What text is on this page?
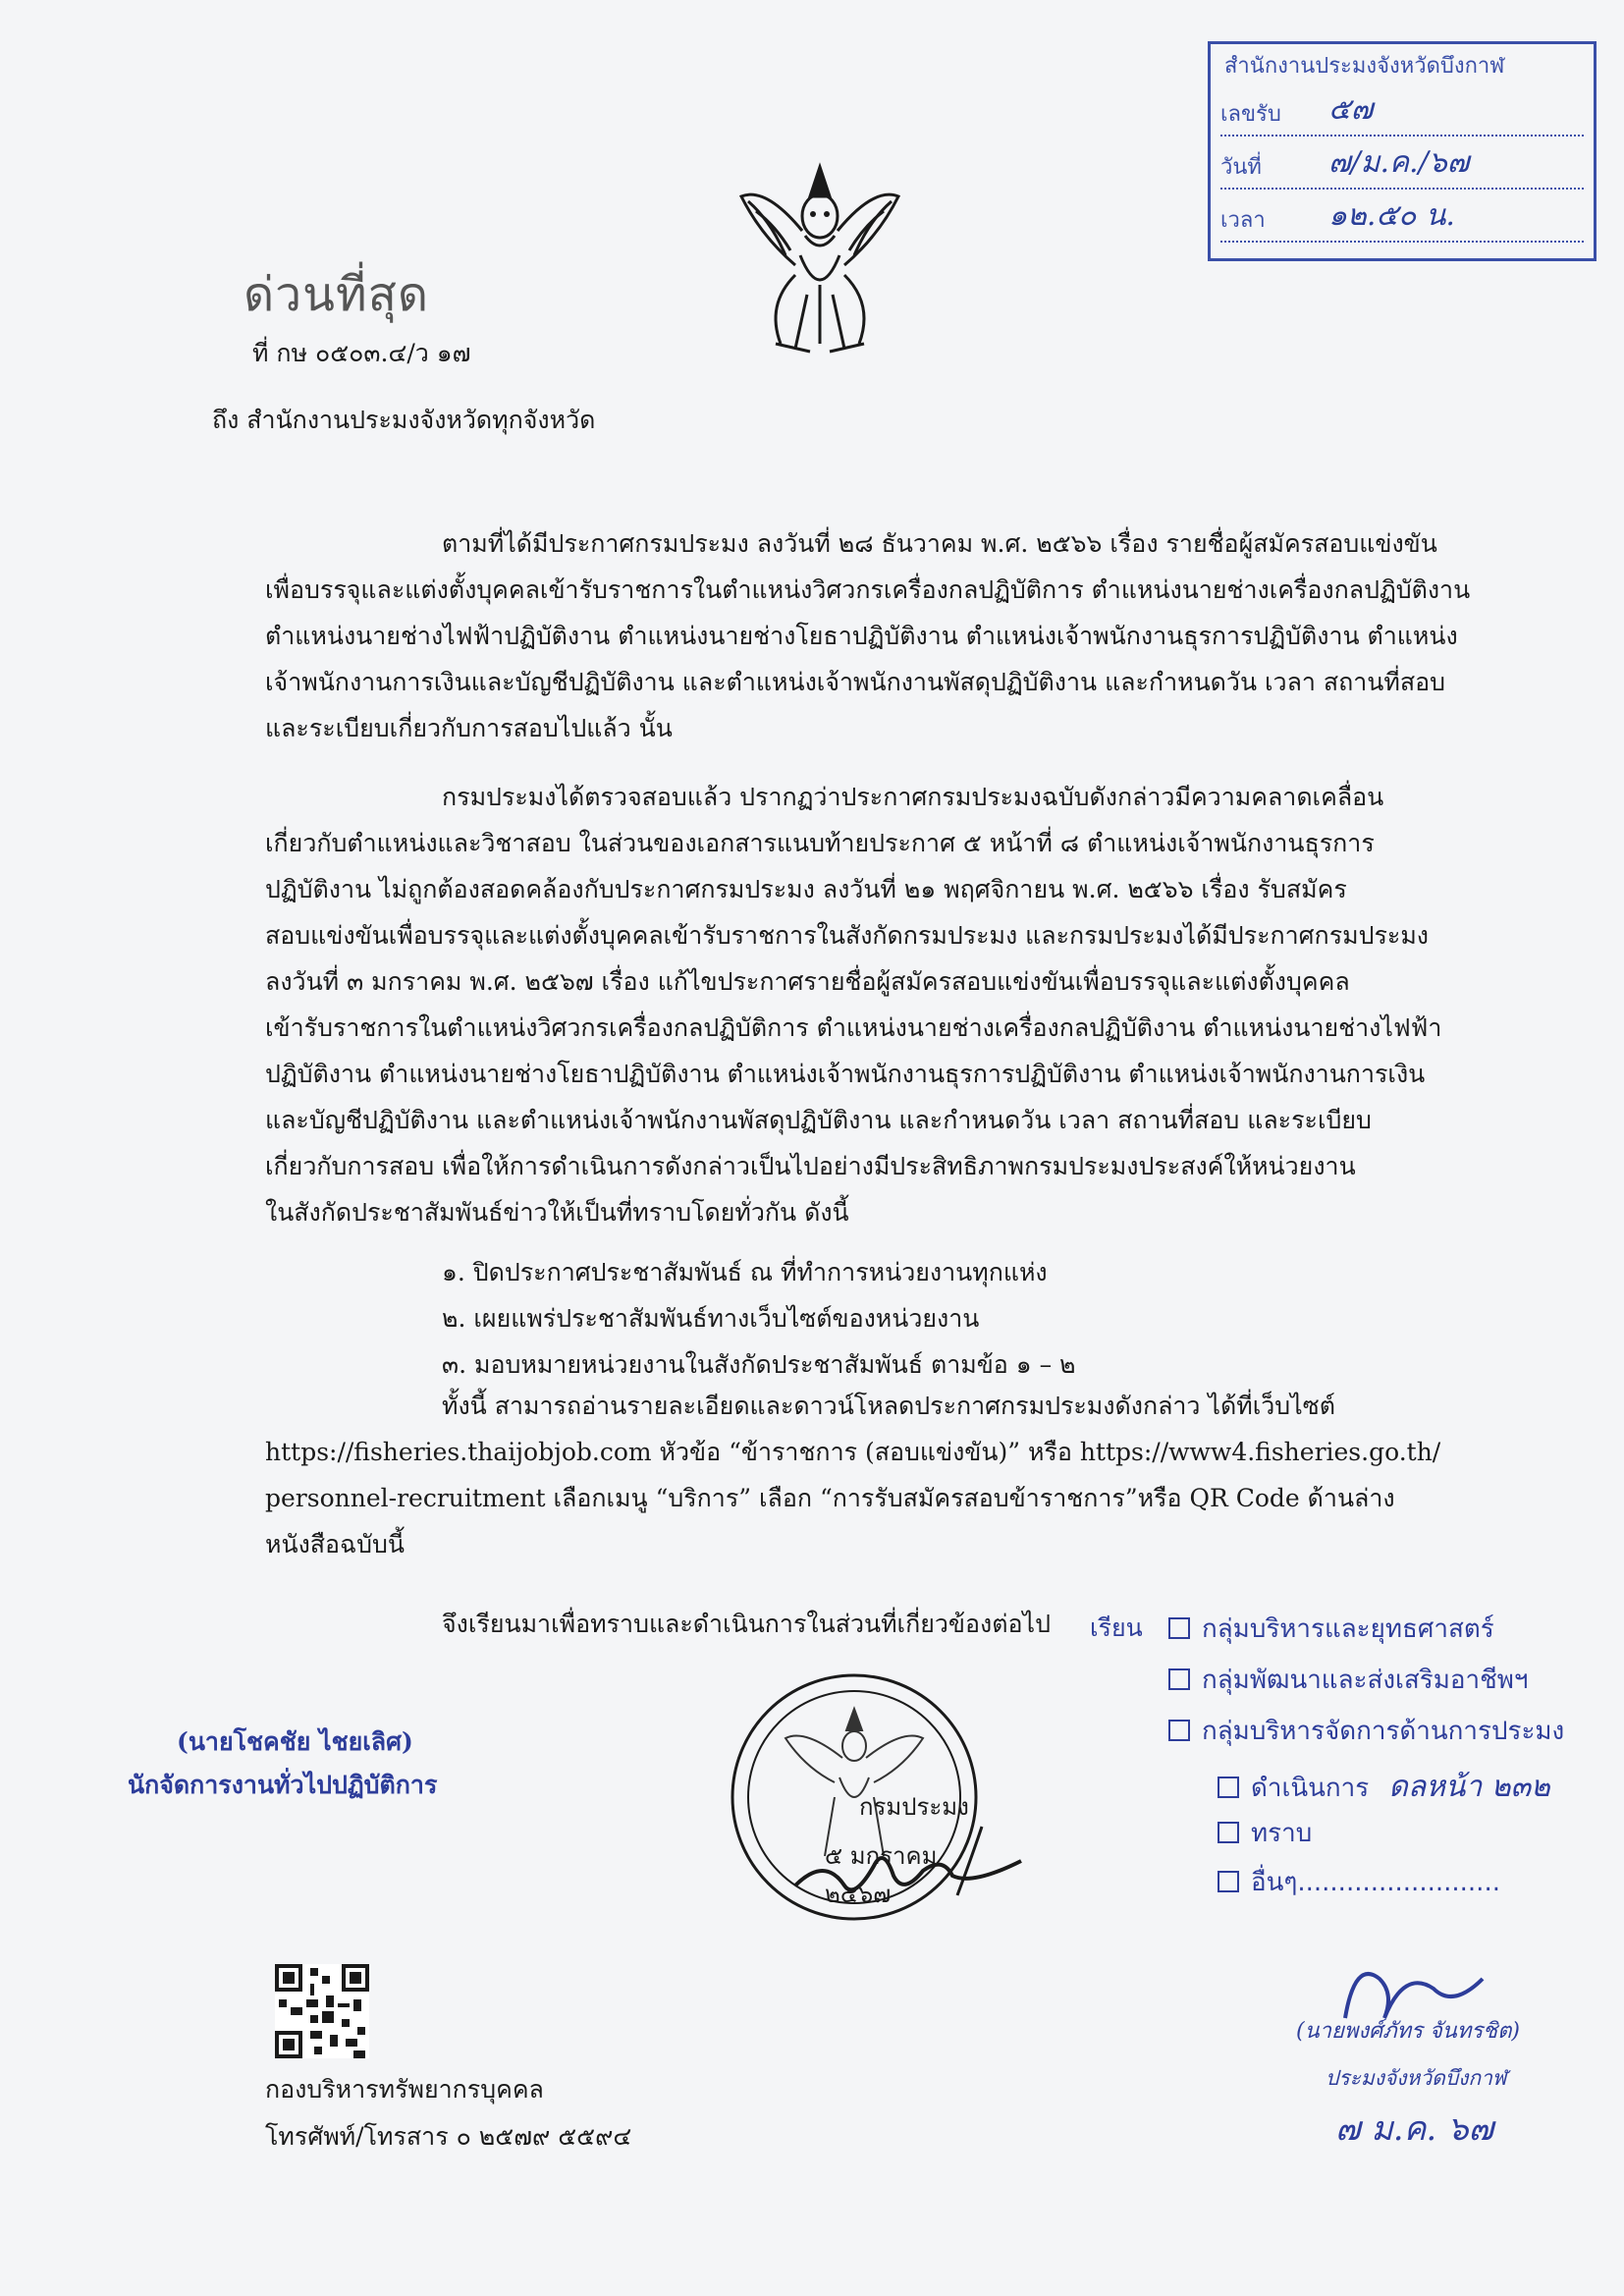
สำนักงานประมงจังหวัดบึงกาฬ
เลขรับ ๕๗
วันที่ ๗/ม.ค./๖๗
เวลา ๑๒.๕๐ น.
ด่วนที่สุด
ที่ กษ ๐๕๐๓.๔/ว ๑๗
ถึง สำนักงานประมงจังหวัดทุกจังหวัด
ตามที่ได้มีประกาศกรมประมง ลงวันที่ ๒๘ ธันวาคม พ.ศ. ๒๕๖๖ เรื่อง รายชื่อผู้สมัครสอบแข่งขัน
เพื่อบรรจุและแต่งตั้งบุคคลเข้ารับราชการในตำแหน่งวิศวกรเครื่องกลปฏิบัติการ ตำแหน่งนายช่างเครื่องกลปฏิบัติงาน
ตำแหน่งนายช่างไฟฟ้าปฏิบัติงาน ตำแหน่งนายช่างโยธาปฏิบัติงาน ตำแหน่งเจ้าพนักงานธุรการปฏิบัติงาน ตำแหน่ง
เจ้าพนักงานการเงินและบัญชีปฏิบัติงาน และตำแหน่งเจ้าพนักงานพัสดุปฏิบัติงาน และกำหนดวัน เวลา สถานที่สอบ
และระเบียบเกี่ยวกับการสอบไปแล้ว นั้น
กรมประมงได้ตรวจสอบแล้ว ปรากฏว่าประกาศกรมประมงฉบับดังกล่าวมีความคลาดเคลื่อน
เกี่ยวกับตำแหน่งและวิชาสอบ ในส่วนของเอกสารแนบท้ายประกาศ ๕ หน้าที่ ๘ ตำแหน่งเจ้าพนักงานธุรการ
ปฏิบัติงาน ไม่ถูกต้องสอดคล้องกับประกาศกรมประมง ลงวันที่ ๒๑ พฤศจิกายน พ.ศ. ๒๕๖๖ เรื่อง รับสมัคร
สอบแข่งขันเพื่อบรรจุและแต่งตั้งบุคคลเข้ารับราชการในสังกัดกรมประมง และกรมประมงได้มีประกาศกรมประมง
ลงวันที่ ๓ มกราคม พ.ศ. ๒๕๖๗ เรื่อง แก้ไขประกาศรายชื่อผู้สมัครสอบแข่งขันเพื่อบรรจุและแต่งตั้งบุคคล
เข้ารับราชการในตำแหน่งวิศวกรเครื่องกลปฏิบัติการ ตำแหน่งนายช่างเครื่องกลปฏิบัติงาน ตำแหน่งนายช่างไฟฟ้า
ปฏิบัติงาน ตำแหน่งนายช่างโยธาปฏิบัติงาน ตำแหน่งเจ้าพนักงานธุรการปฏิบัติงาน ตำแหน่งเจ้าพนักงานการเงิน
และบัญชีปฏิบัติงาน และตำแหน่งเจ้าพนักงานพัสดุปฏิบัติงาน และกำหนดวัน เวลา สถานที่สอบ และระเบียบ
เกี่ยวกับการสอบ เพื่อให้การดำเนินการดังกล่าวเป็นไปอย่างมีประสิทธิภาพกรมประมงประสงค์ให้หน่วยงาน
ในสังกัดประชาสัมพันธ์ข่าวให้เป็นที่ทราบโดยทั่วกัน ดังนี้
๑. ปิดประกาศประชาสัมพันธ์ ณ ที่ทำการหน่วยงานทุกแห่ง
๒. เผยแพร่ประชาสัมพันธ์ทางเว็บไซต์ของหน่วยงาน
๓. มอบหมายหน่วยงานในสังกัดประชาสัมพันธ์ ตามข้อ ๑ – ๒
ทั้งนี้ สามารถอ่านรายละเอียดและดาวน์โหลดประกาศกรมประมงดังกล่าว ได้ที่เว็บไซต์
https://fisheries.thaijobjob.com หัวข้อ “ข้าราชการ (สอบแข่งขัน)” หรือ https://www4.fisheries.go.th/
personnel-recruitment เลือกเมนู “บริการ” เลือก “การรับสมัครสอบข้าราชการ”หรือ QR Code ด้านล่าง
หนังสือฉบับนี้
จึงเรียนมาเพื่อทราบและดำเนินการในส่วนที่เกี่ยวข้องต่อไป
กรมประมง
๕ มกราคม ๒๕๖๗
เรียน	กลุ่มบริหารและยุทธศาสตร์
กลุ่มพัฒนาและส่งเสริมอาชีพฯ
กลุ่มบริหารจัดการด้านการประมง
ดำเนินการ ดลหน้า ๒๓๒
ทราบ
อื่นๆ.........................
(นายพงศ์ภัทร จันทรชิต)
ประมงจังหวัดบึงกาฬ
๗ ม.ค. ๖๗
(นายโชคชัย ไชยเลิศ)
นักจัดการงานทั่วไปปฏิบัติการ
กองบริหารทรัพยากรบุคคล
โทรศัพท์/โทรสาร ๐ ๒๕๗๙ ๕๕๙๔
